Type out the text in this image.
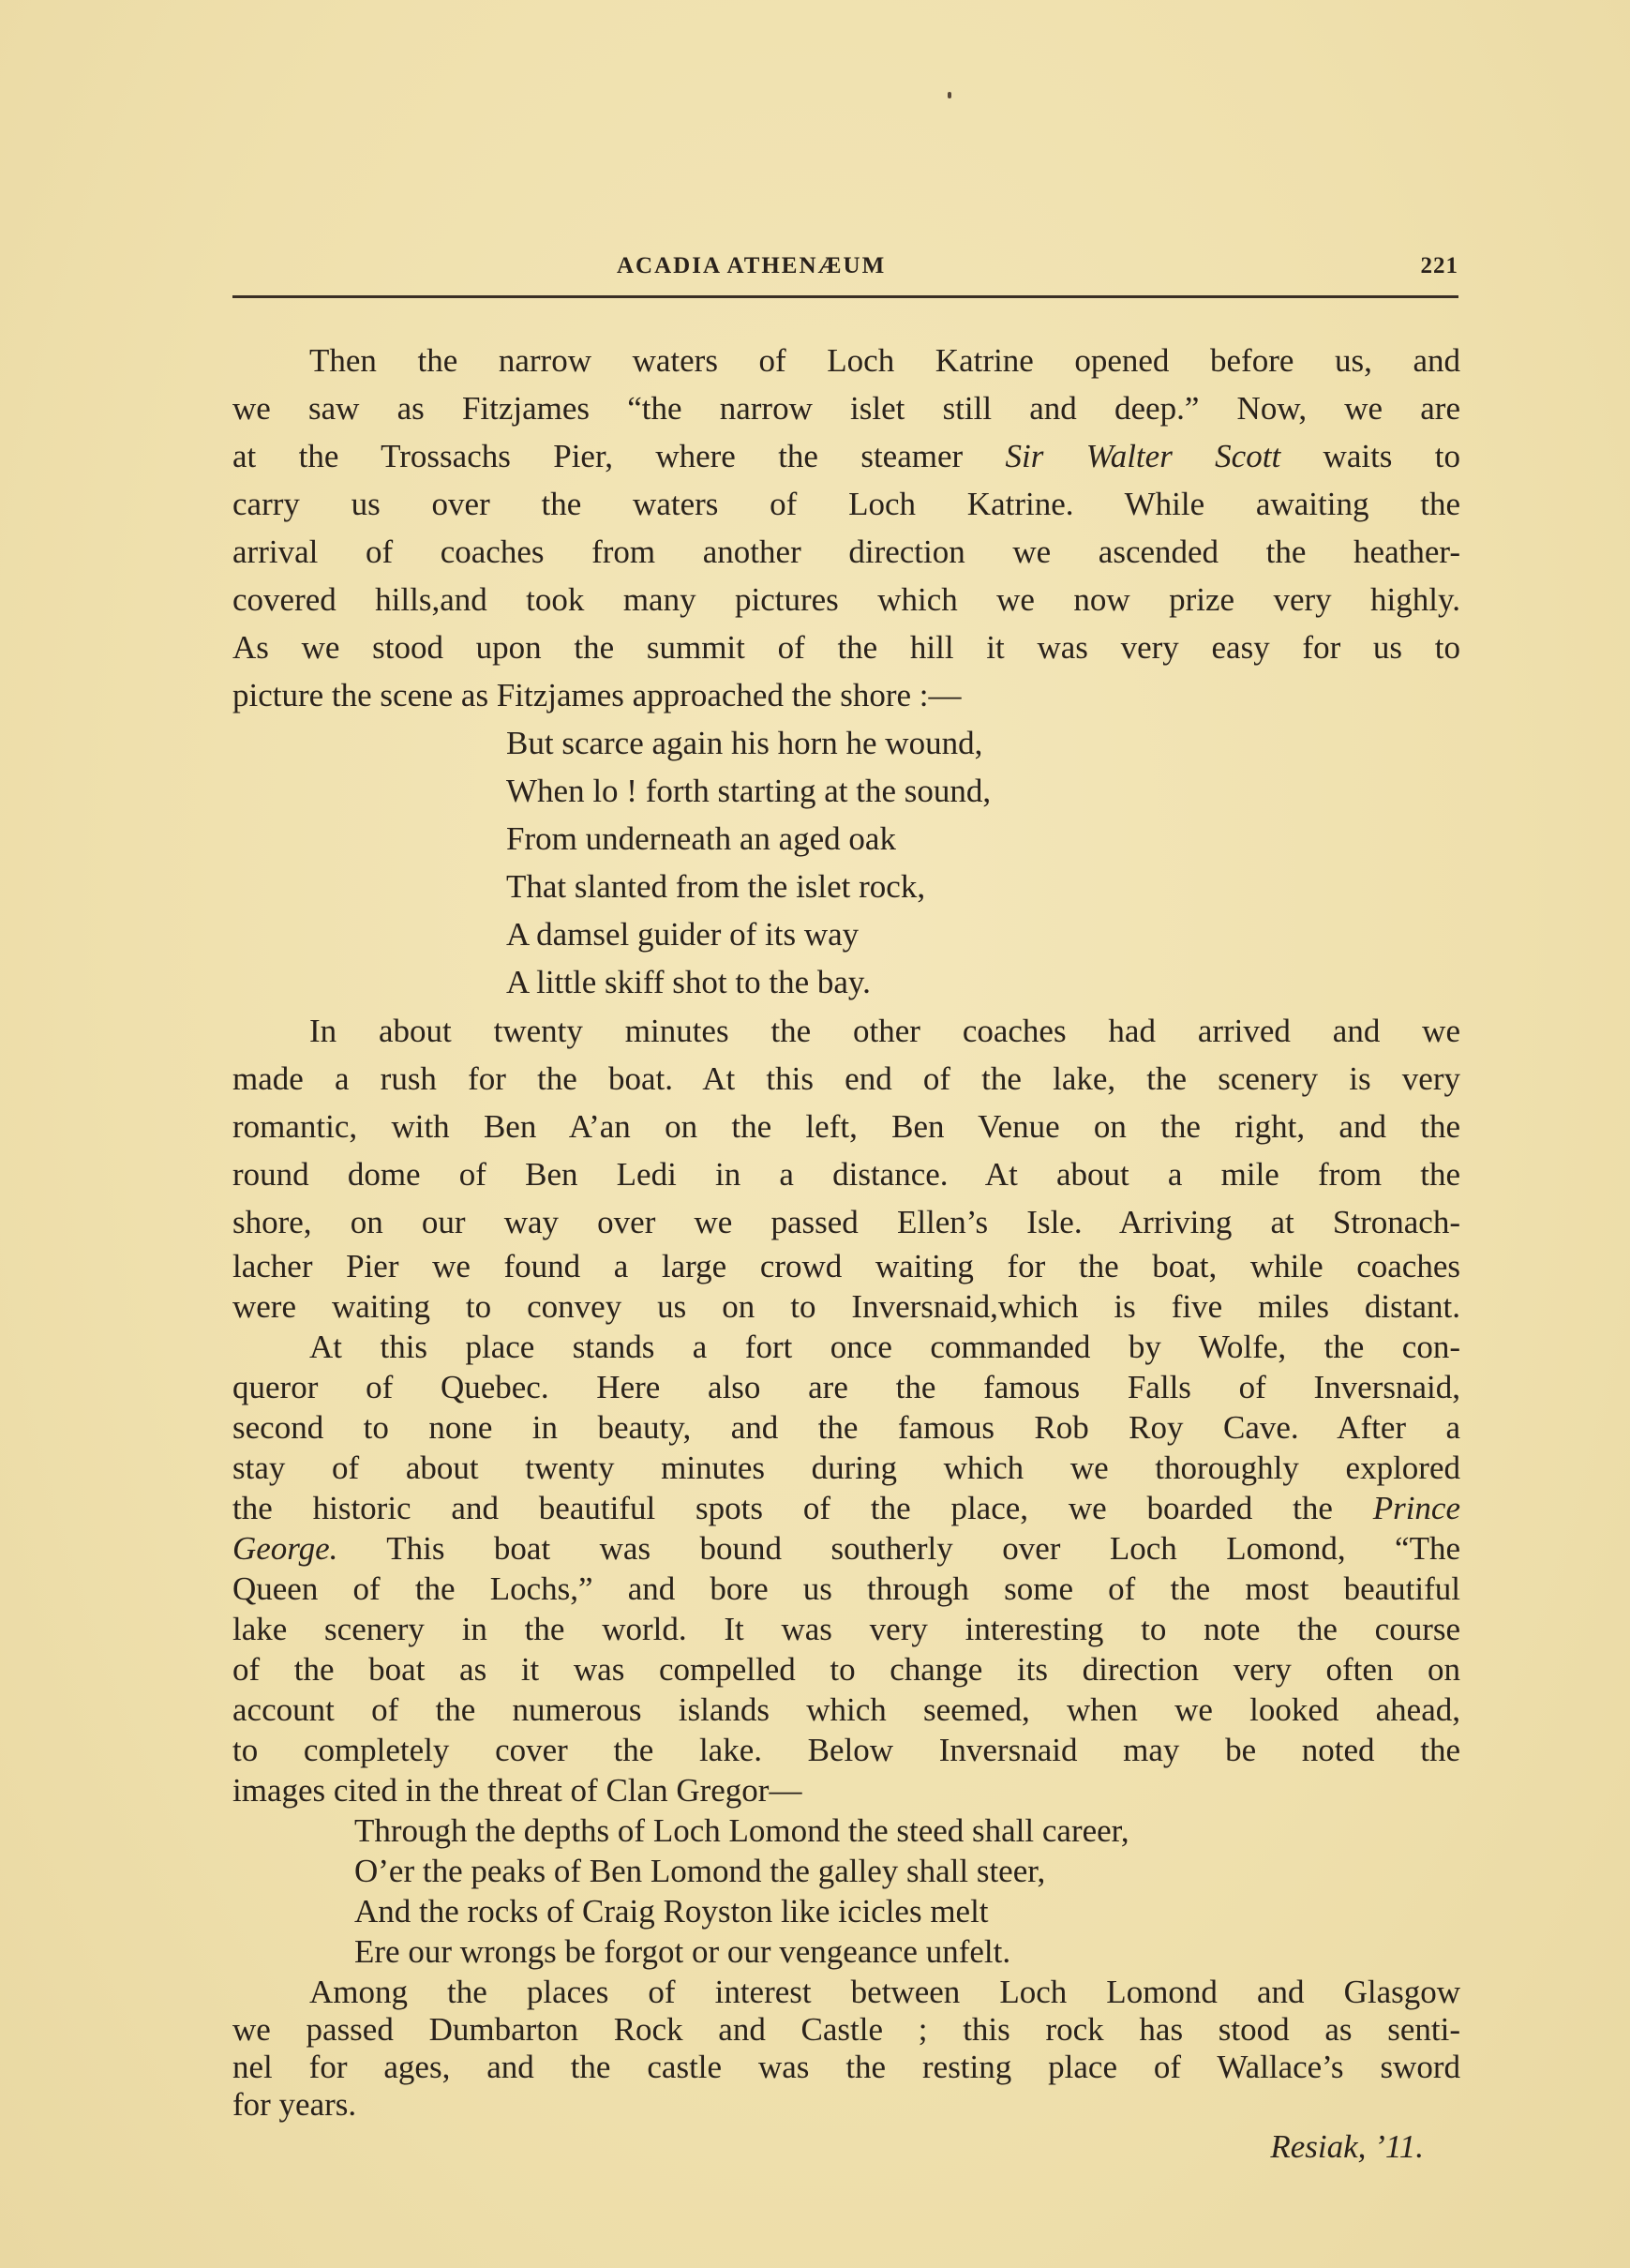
ACADIA ATHENÆUM	221
Then the narrow waters of Loch Katrine opened before us, and
we saw as Fitzjames “the narrow islet still and deep.” Now, we are
at the Trossachs Pier, where the steamer Sir Walter Scott waits to
carry us over the waters of Loch Katrine. While awaiting the
arrival of coaches from another direction we ascended the heather-
covered hills,and took many pictures which we now prize very highly.
As we stood upon the summit of the hill it was very easy for us to
picture the scene as Fitzjames approached the shore :—
But scarce again his horn he wound,
When lo ! forth starting at the sound,
From underneath an aged oak
That slanted from the islet rock,
A damsel guider of its way
A little skiff shot to the bay.
In about twenty minutes the other coaches had arrived and we
made a rush for the boat. At this end of the lake, the scenery is very
romantic, with Ben A’an on the left, Ben Venue on the right, and the
round dome of Ben Ledi in a distance. At about a mile from the
shore, on our way over we passed Ellen’s Isle. Arriving at Stronach-
lacher Pier we found a large crowd waiting for the boat, while coaches
were waiting to convey us on to Inversnaid,which is five miles distant.
At this place stands a fort once commanded by Wolfe, the con-
queror of Quebec. Here also are the famous Falls of Inversnaid,
second to none in beauty, and the famous Rob Roy Cave. After a
stay of about twenty minutes during which we thoroughly explored
the historic and beautiful spots of the place, we boarded the Prince
George. This boat was bound southerly over Loch Lomond, “The
Queen of the Lochs,” and bore us through some of the most beautiful
lake scenery in the world. It was very interesting to note the course
of the boat as it was compelled to change its direction very often on
account of the numerous islands which seemed, when we looked ahead,
to completely cover the lake. Below Inversnaid may be noted the
images cited in the threat of Clan Gregor—
Through the depths of Loch Lomond the steed shall career,
O’er the peaks of Ben Lomond the galley shall steer,
And the rocks of Craig Royston like icicles melt
Ere our wrongs be forgot or our vengeance unfelt.
Among the places of interest between Loch Lomond and Glasgow
we passed Dumbarton Rock and Castle ; this rock has stood as senti-
nel for ages, and the castle was the resting place of Wallace’s sword
for years.
Resiak, ’11.
